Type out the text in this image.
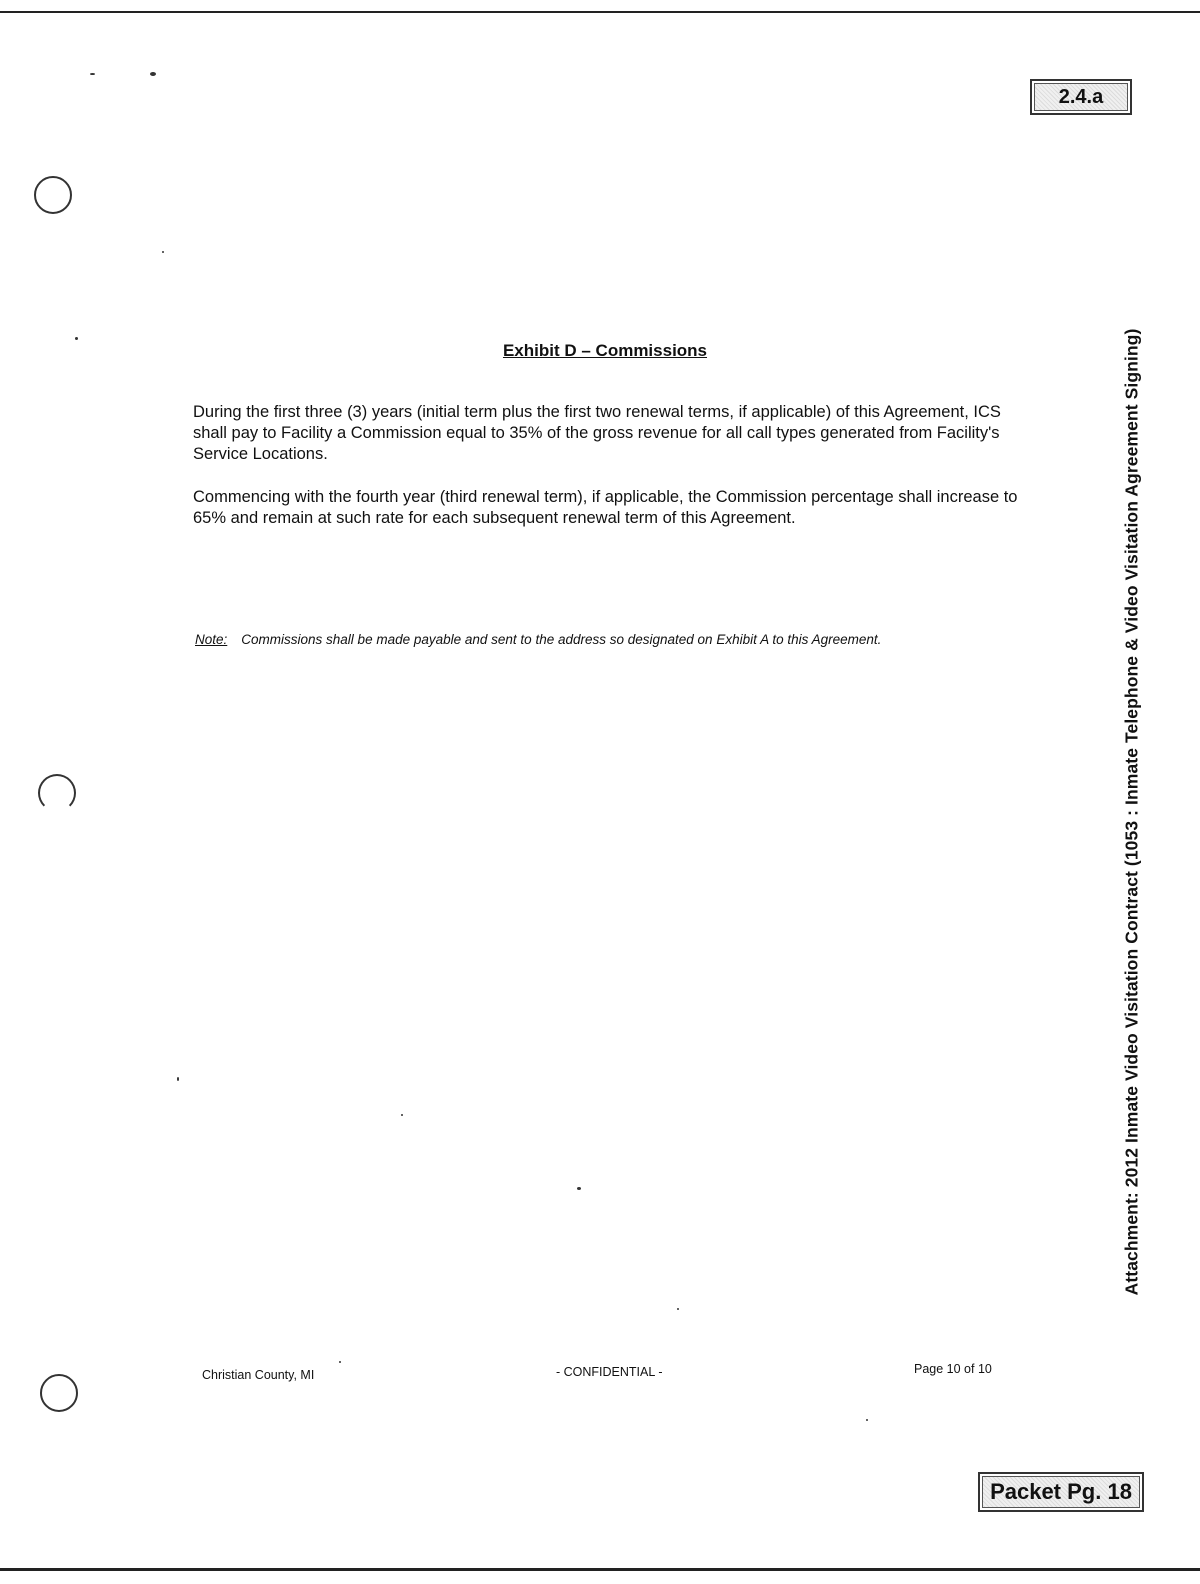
2.4.a
Packet Pg. 18
Attachment: 2012 Inmate Video Visitation Contract (1053 : Inmate Telephone & Video Visitation Agreement Signing)
Exhibit D – Commissions

During the first three (3) years (initial term plus the first two renewal terms, if applicable) of this Agreement, ICS shall pay to Facility a Commission equal to 35% of the gross revenue for all call types generated from Facility's Service Locations.

Commencing with the fourth year (third renewal term), if applicable, the Commission percentage shall increase to 65% and remain at such rate for each subsequent renewal term of this Agreement.

Note: Commissions shall be made payable and sent to the address so designated on Exhibit A to this Agreement.
Christian County, MI	- CONFIDENTIAL -	Page 10 of 10
